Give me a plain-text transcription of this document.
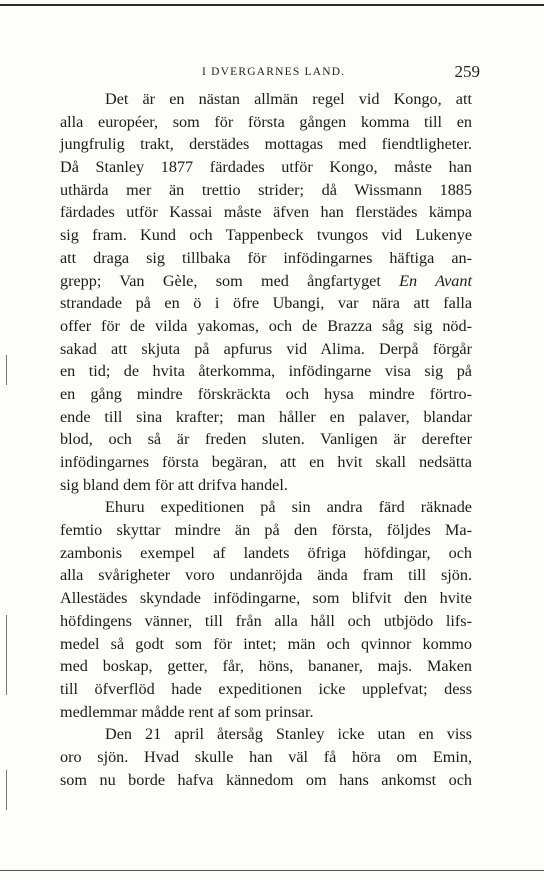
I DVERGARNES LAND.	259
Det är en nästan allmän regel vid Kongo, att
alla européer, som för första gången komma till en
jungfrulig trakt, derstädes mottagas med fiendtligheter.
Då Stanley 1877 färdades utför Kongo, måste han
uthärda mer än trettio strider; då Wissmann 1885
färdades utför Kassai måste äfven han flerstädes kämpa
sig fram. Kund och Tappenbeck tvungos vid Lukenye
att draga sig tillbaka för infödingarnes häftiga an-
grepp; Van Gèle, som med ångfartyget En Avant
strandade på en ö i öfre Ubangi, var nära att falla
offer för de vilda yakomas, och de Brazza såg sig nöd-
sakad att skjuta på apfurus vid Alima. Derpå förgår
en tid; de hvita återkomma, infödingarne visa sig på
en gång mindre förskräckta och hysa mindre förtro-
ende till sina krafter; man håller en palaver, blandar
blod, och så är freden sluten. Vanligen är derefter
infödingarnes första begäran, att en hvit skall nedsätta
sig bland dem för att drifva handel.
Ehuru expeditionen på sin andra färd räknade
femtio skyttar mindre än på den första, följdes Ma-
zambonis exempel af landets öfriga höfdingar, och
alla svårigheter voro undanröjda ända fram till sjön.
Allestädes skyndade infödingarne, som blifvit den hvite
höfdingens vänner, till från alla håll och utbjödo lifs-
medel så godt som för intet; män och qvinnor kommo
med boskap, getter, får, höns, bananer, majs. Maken
till öfverflöd hade expeditionen icke upplefvat; dess
medlemmar mådde rent af som prinsar.
Den 21 april återsåg Stanley icke utan en viss
oro sjön. Hvad skulle han väl få höra om Emin,
som nu borde hafva kännedom om hans ankomst och
